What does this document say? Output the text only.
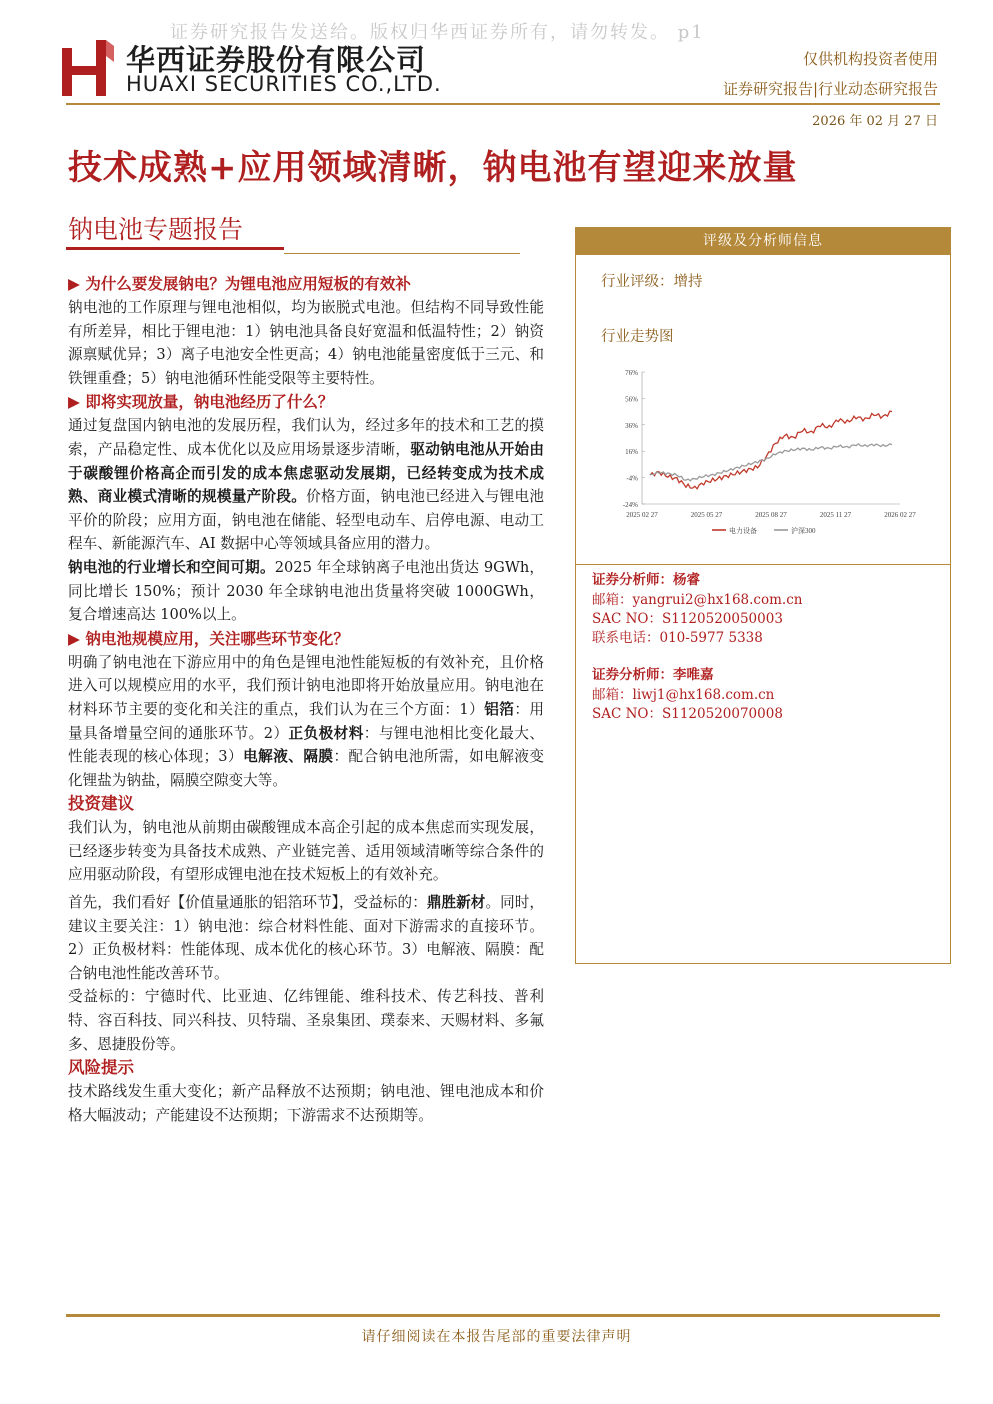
证券研究报告发送给。版权归华西证券所有，请勿转发。 p1
华西证券股份有限公司
HUAXI SECURITIES CO.,LTD.
仅供机构投资者使用
证券研究报告|行业动态研究报告
2026 年 02 月 27 日
技术成熟+应用领域清晰，钠电池有望迎来放量
钠电池专题报告

▶ 为什么要发展钠电？为锂电池应用短板的有效补

钠电池的工作原理与锂电池相似，均为嵌脱式电池。但结构不同导致性能有所差异，相比于锂电池：1）钠电池具备良好宽温和低温特性；2）钠资源禀赋优异；3）离子电池安全性更高；4）钠电池能量密度低于三元、和铁锂重叠；5）钠电池循环性能受限等主要特性。

▶ 即将实现放量，钠电池经历了什么？

通过复盘国内钠电池的发展历程，我们认为，经过多年的技术和工艺的摸索，产品稳定性、成本优化以及应用场景逐步清晰，驱动钠电池从开始由于碳酸锂价格高企而引发的成本焦虑驱动发展期，已经转变成为技术成熟、商业模式清晰的规模量产阶段。价格方面，钠电池已经进入与锂电池平价的阶段；应用方面，钠电池在储能、轻型电动车、启停电源、电动工程车、新能源汽车、AI 数据中心等领域具备应用的潜力。

钠电池的行业增长和空间可期。2025 年全球钠离子电池出货达 9GWh，同比增长 150%；预计 2030 年全球钠电池出货量将突破 1000GWh，复合增速高达 100%以上。

▶ 钠电池规模应用，关注哪些环节变化？

明确了钠电池在下游应用中的角色是锂电池性能短板的有效补充，且价格进入可以规模应用的水平，我们预计钠电池即将开始放量应用。钠电池在材料环节主要的变化和关注的重点，我们认为在三个方面：1）铝箔：用量具备增量空间的通胀环节。2）正负极材料：与锂电池相比变化最大、性能表现的核心体现；3）电解液、隔膜：配合钠电池所需，如电解液变化锂盐为钠盐，隔膜空隙变大等。

投资建议

我们认为，钠电池从前期由碳酸锂成本高企引起的成本焦虑而实现发展，已经逐步转变为具备技术成熟、产业链完善、适用领域清晰等综合条件的应用驱动阶段，有望形成锂电池在技术短板上的有效补充。

首先，我们看好【价值量通胀的铝箔环节】，受益标的：鼎胜新材。同时，建议主要关注：1）钠电池：综合材料性能、面对下游需求的直接环节。2）正负极材料：性能体现、成本优化的核心环节。3）电解液、隔膜：配合钠电池性能改善环节。

受益标的：宁德时代、比亚迪、亿纬锂能、维科技术、传艺科技、普利特、容百科技、同兴科技、贝特瑞、圣泉集团、璞泰来、天赐材料、多氟多、恩捷股份等。

风险提示

技术路线发生重大变化；新产品释放不达预期；钠电池、锂电池成本和价格大幅波动；产能建设不达预期；下游需求不达预期等。

评级及分析师信息
行业评级：增持
行业走势图
76%
56%
36%
16%
-4%
-24%
2025 02 27	2025 05 27	2025 08 27	2025 11 27	2026 02 27
电力设备	沪深300
证券分析师：杨睿
邮箱：yangrui2@hx168.com.cn
SAC NO：S1120520050003
联系电话：010-5977 5338
证券分析师：李唯嘉
邮箱：liwj1@hx168.com.cn
SAC NO：S1120520070008
请仔细阅读在本报告尾部的重要法律声明
